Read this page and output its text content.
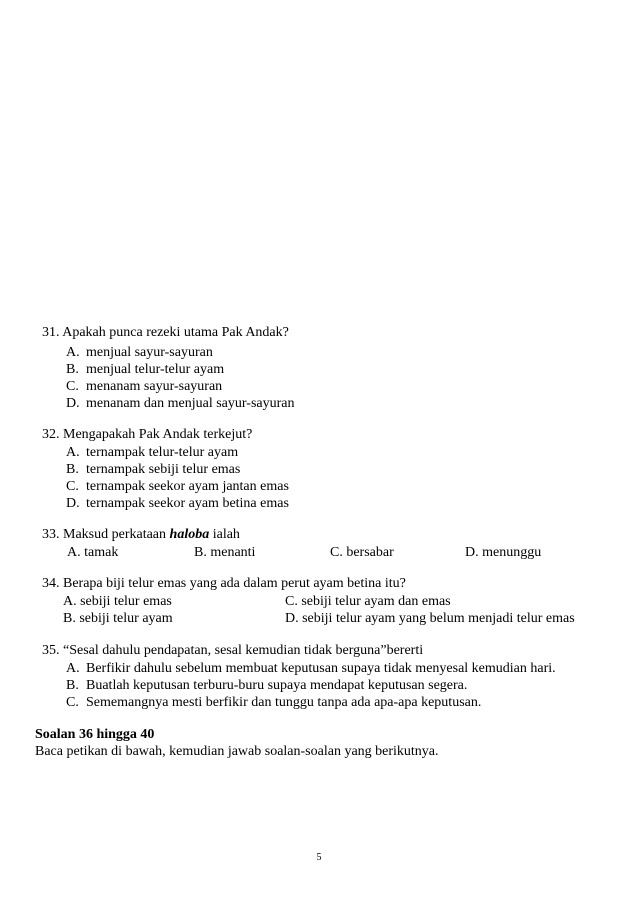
31. Apakah punca rezeki utama Pak Andak?
A. menjual sayur-sayuran
B. menjual telur-telur ayam
C. menanam sayur-sayuran
D. menanam dan menjual sayur-sayuran
32. Mengapakah Pak Andak terkejut?
A. ternampak telur-telur ayam
B. ternampak sebiji telur emas
C. ternampak seekor ayam jantan emas
D. ternampak seekor ayam betina emas
33. Maksud perkataan haloba ialah
A. tamak	B. menanti	C. bersabar	D. menunggu
34. Berapa biji telur emas yang ada dalam perut ayam betina itu?
A. sebiji telur emas
B. sebiji telur ayam
C. sebiji telur ayam dan emas
D. sebiji telur ayam yang belum menjadi telur emas
35. “Sesal dahulu pendapatan, sesal kemudian tidak berguna”bererti
A. Berfikir dahulu sebelum membuat keputusan supaya tidak menyesal kemudian hari.
B. Buatlah keputusan terburu-buru supaya mendapat keputusan segera.
C. Sememangnya mesti berfikir dan tunggu tanpa ada apa-apa keputusan.
Soalan 36 hingga 40
Baca petikan di bawah, kemudian jawab soalan-soalan yang berikutnya.
5
